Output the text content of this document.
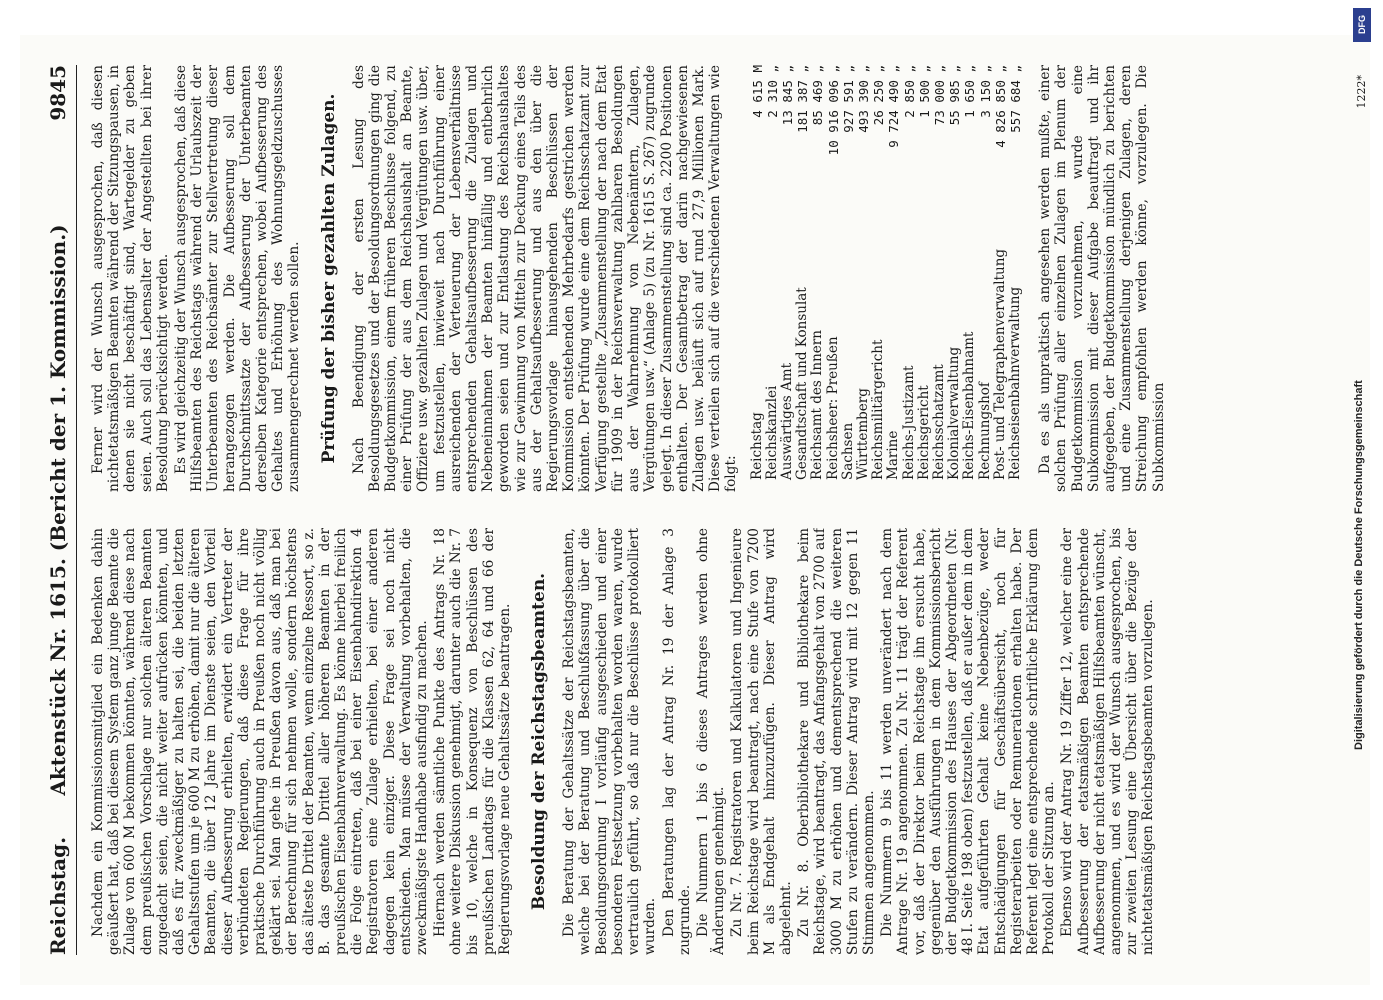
Reichstag.
Aktenstück Nr. 1615. (Bericht der 1. Kommission.)
9845

Nachdem ein Kommissionsmitglied ein Bedenken dahin geäußert hat, daß bei diesem System ganz junge Beamte die Zulage von 600 M bekommen könnten, während diese nach dem preußischen Vorschlage nur solchen älteren Beamten zugedacht seien, die nicht weiter aufrücken könnten, und daß es für zweckmäßiger zu halten sei, die beiden letzten Gehaltsstufen um je 600 M zu erhöhen, damit nur die älteren Beamten, die über 12 Jahre im Dienste seien, den Vorteil dieser Aufbesserung erhielten, erwidert ein Vertreter der verbündeten Regierungen, daß diese Frage für ihre praktische Durchführung auch in Preußen noch nicht völlig geklärt sei. Man gehe in Preußen davon aus, daß man bei der Berechnung für sich nehmen wolle, sondern höchstens das älteste Drittel der Beamten, wenn einzelne Ressort, so z. B. das gesamte Drittel aller höheren Beamten in der preußischen Eisenbahnverwaltung. Es könne hierbei freilich die Folge eintreten, daß bei einer Eisenbahndirektion 4 Registratoren eine Zulage erhielten, bei einer anderen dagegen kein einziger. Diese Frage sei noch nicht entschieden. Man müsse der Verwaltung vorbehalten, die zweckmäßigste Handhabe ausfindig zu machen. Hiernach werden sämtliche Punkte des Antrags Nr. 18 ohne weitere Diskussion genehmigt, darunter auch die Nr. 7 bis 10, welche in Konsequenz von Beschlüssen des preußischen Landtags für die Klassen 62, 64 und 66 der Regierungsvorlage neue Gehaltssätze beantragen. Besoldung der Reichstagsbeamten. Die Beratung der Gehaltssätze der Reichstagsbeamten, welche bei der Beratung und Beschlußfassung über die Besoldungsordnung I vorläufig ausgeschieden und einer besonderen Festsetzung vorbehalten worden waren, wurde vertraulich geführt, so daß nur die Beschlüsse protokolliert wurden. Den Beratungen lag der Antrag Nr. 19 der Anlage 3 zugrunde. Die Nummern 1 bis 6 dieses Antrages werden ohne Änderungen genehmigt. Zu Nr. 7. Registratoren und Kalkulatoren und Ingenieure beim Reichstage wird beantragt, nach eine Stufe von 7200 M als Endgehalt hinzuzufügen. Dieser Antrag wird abgelehnt. Zu Nr. 8. Oberbibliothekare und Bibliothekare beim Reichstage, wird beantragt, das Anfangsgehalt von 2700 auf 3000 M zu erhöhen und dementsprechend die weiteren Stufen zu verändern. Dieser Antrag wird mit 12 gegen 11 Stimmen angenommen. Die Nummern 9 bis 11 werden unverändert nach dem Antrage Nr. 19 angenommen. Zu Nr. 11 trägt der Referent vor, daß der Direktor beim Reichstage ihn ersucht habe, gegenüber den Ausführungen in dem Kommissionsbericht der Budgetkommission des Hauses der Abgeordneten (Nr. 48 I. Seite 198 oben) festzustellen, daß er außer dem in dem Etat aufgeführten Gehalt keine Nebenbezüge, weder Entschädigungen für Geschäftsübersicht, noch für Registerarbeiten oder Remunerationen erhalten habe. Der Referent legt eine entsprechende schriftliche Erklärung dem Protokoll der Sitzung an. Ebenso wird der Antrag Nr. 19 Ziffer 12, welcher eine der Aufbesserung der etatsmäßigen Beamten entsprechende Aufbesserung der nicht etatsmäßigen Hilfsbeamten wünscht, angenommen, und es wird der Wunsch ausgesprochen, bis zur zweiten Lesung eine Übersicht über die Bezüge der nichtetatsmäßigen Reichstagsbeamten vorzulegen.

Ferner wird der Wunsch ausgesprochen, daß diesen nichtetatsmäßigen Beamten während der Sitzungspausen, in denen sie nicht beschäftigt sind, Wartegelder zu geben seien. Auch soll das Lebensalter der Angestellten bei ihrer Besoldung berücksichtigt werden. Es wird gleichzeitig der Wunsch ausgesprochen, daß diese Hilfsbeamten des Reichstags während der Urlaubszeit der Unterbeamten des Reichsämter zur Stellvertretung dieser herangezogen werden. Die Aufbesserung soll dem Durchschnittssatze der Aufbesserung der Unterbeamten derselben Kategorie entsprechen, wobei Aufbesserung des Gehaltes und Erhöhung des Wohnungsgeldzuschusses zusammengerechnet werden sollen. Prüfung der bisher gezahlten Zulagen. Nach Beendigung der ersten Lesung des Besoldungsgesetzes und der Besoldungsordnungen ging die Budgetkommission, einem früheren Beschlusse folgend, zu einer Prüfung der aus dem Reichshaushalt an Beamte, Offiziere usw. gezahlten Zulagen und Vergütungen usw. über, um festzustellen, inwieweit nach Durchführung einer ausreichenden der Verteuerung der Lebensverhältnisse entsprechenden Gehaltsaufbesserung die Zulagen und Nebeneinnahmen der Beamten hinfällig und entbehrlich geworden seien und zur Entlastung des Reichshaushaltes wie zur Gewinnung von Mitteln zur Deckung eines Teils des aus der Gehaltsaufbesserung und aus den über die Regierungsvorlage hinausgehenden Beschlüssen der Kommission entstehenden Mehrbedarfs gestrichen werden könnten. Der Prüfung wurde eine dem Reichsschatzamt zur Verfügung gestellte „Zusammenstellung der nach dem Etat für 1909 in der Reichsverwaltung zahlbaren Besoldungen aus der Wahrnehmung von Nebenämtern, Zulagen, Vergütungen usw.“ (Anlage 5) (zu Nr. 1615 S. 267) zugrunde gelegt. In dieser Zusammenstellung sind ca. 2200 Positionen enthalten. Der Gesamtbetrag der darin nachgewiesenen Zulagen usw. beläuft sich auf rund 27,9 Millionen Mark. Diese verteilen sich auf die verschiedenen Verwaltungen wie folgt: Reichstag
4 615 M
Reichskanzlei
2 310 „
Auswärtiges Amt
13 845 „
Gesandtschaft und Konsulat
181 387 „
Reichsamt des Innern
85 469 „
Reichsheer: Preußen
10 916 096 „
Sachsen
927 591 „
Württemberg
493 390 „
Reichsmilitärgericht
26 250 „
Marine
9 724 490 „
Reichs-Justizamt
2 850 „
Reichsgericht
1 500 „
Reichsschatzamt
73 000 „
Kolonialverwaltung
55 985 „
Reichs-Eisenbahnamt
1 650 „
Rechnungshof
3 150 „
Post- und Telegraphenverwaltung
4 826 850 „
Reichseisenbahnverwaltung
557 684 „ Da es als unpraktisch angesehen werden mußte, einer solchen Prüfung aller einzelnen Zulagen im Plenum der Budgetkommission vorzunehmen, wurde eine Subkommission mit dieser Aufgabe beauftragt und ihr aufgegeben, der Budgetkommission mündlich zu berichten und eine Zusammenstellung derjenigen Zulagen, deren Streichung empfohlen werden könne, vorzulegen. Die Subkommission

1222*
DFG
Digitalisierung gefördert durch die Deutsche Forschungsgemeinschaft
